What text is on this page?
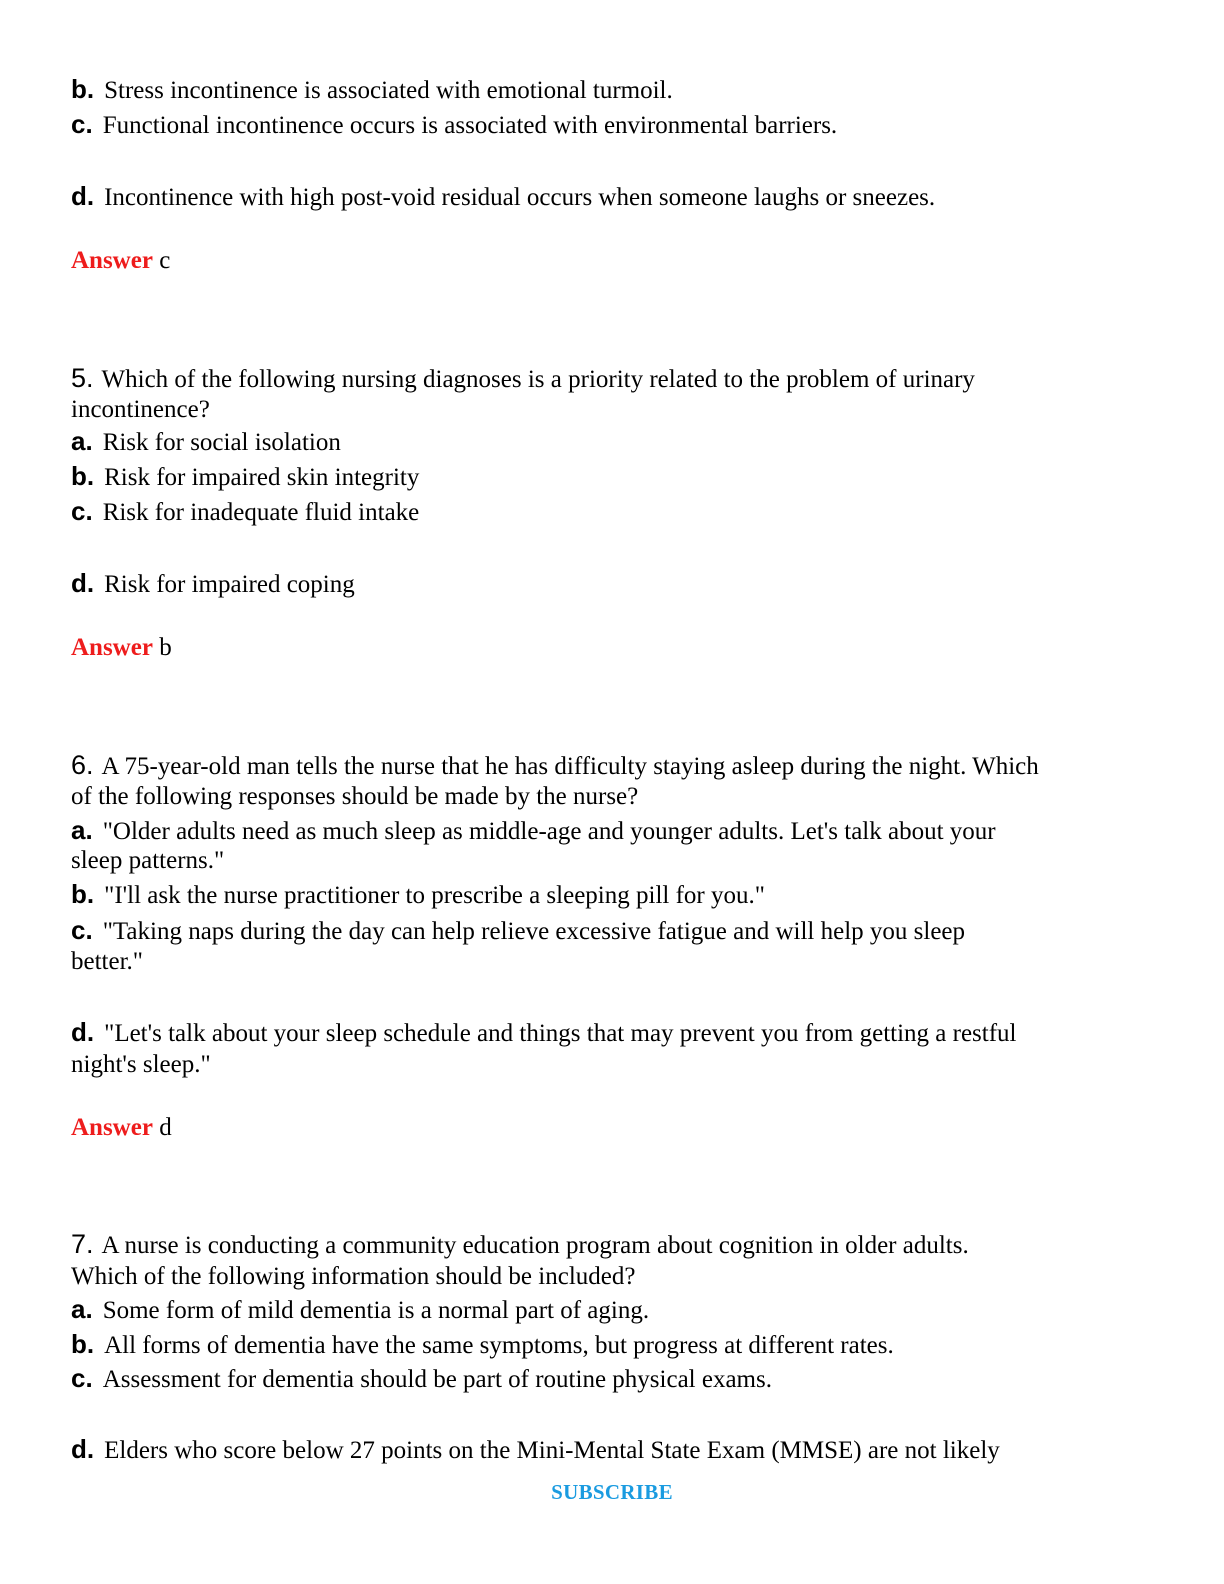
b. Stress incontinence is associated with emotional turmoil.
c. Functional incontinence occurs is associated with environmental barriers.
d. Incontinence with high post-void residual occurs when someone laughs or sneezes.
Answer c
5. Which of the following nursing diagnoses is a priority related to the problem of urinary
incontinence?
a. Risk for social isolation
b. Risk for impaired skin integrity
c. Risk for inadequate fluid intake
d. Risk for impaired coping
Answer b
6. A 75-year-old man tells the nurse that he has difficulty staying asleep during the night. Which
of the following responses should be made by the nurse?
a. "Older adults need as much sleep as middle-age and younger adults. Let's talk about your
sleep patterns."
b. "I'll ask the nurse practitioner to prescribe a sleeping pill for you."
c. "Taking naps during the day can help relieve excessive fatigue and will help you sleep
better."
d. "Let's talk about your sleep schedule and things that may prevent you from getting a restful
night's sleep."
Answer d
7. A nurse is conducting a community education program about cognition in older adults.
Which of the following information should be included?
a. Some form of mild dementia is a normal part of aging.
b. All forms of dementia have the same symptoms, but progress at different rates.
c. Assessment for dementia should be part of routine physical exams.
d. Elders who score below 27 points on the Mini-Mental State Exam (MMSE) are not likely
SUBSCRIBE
